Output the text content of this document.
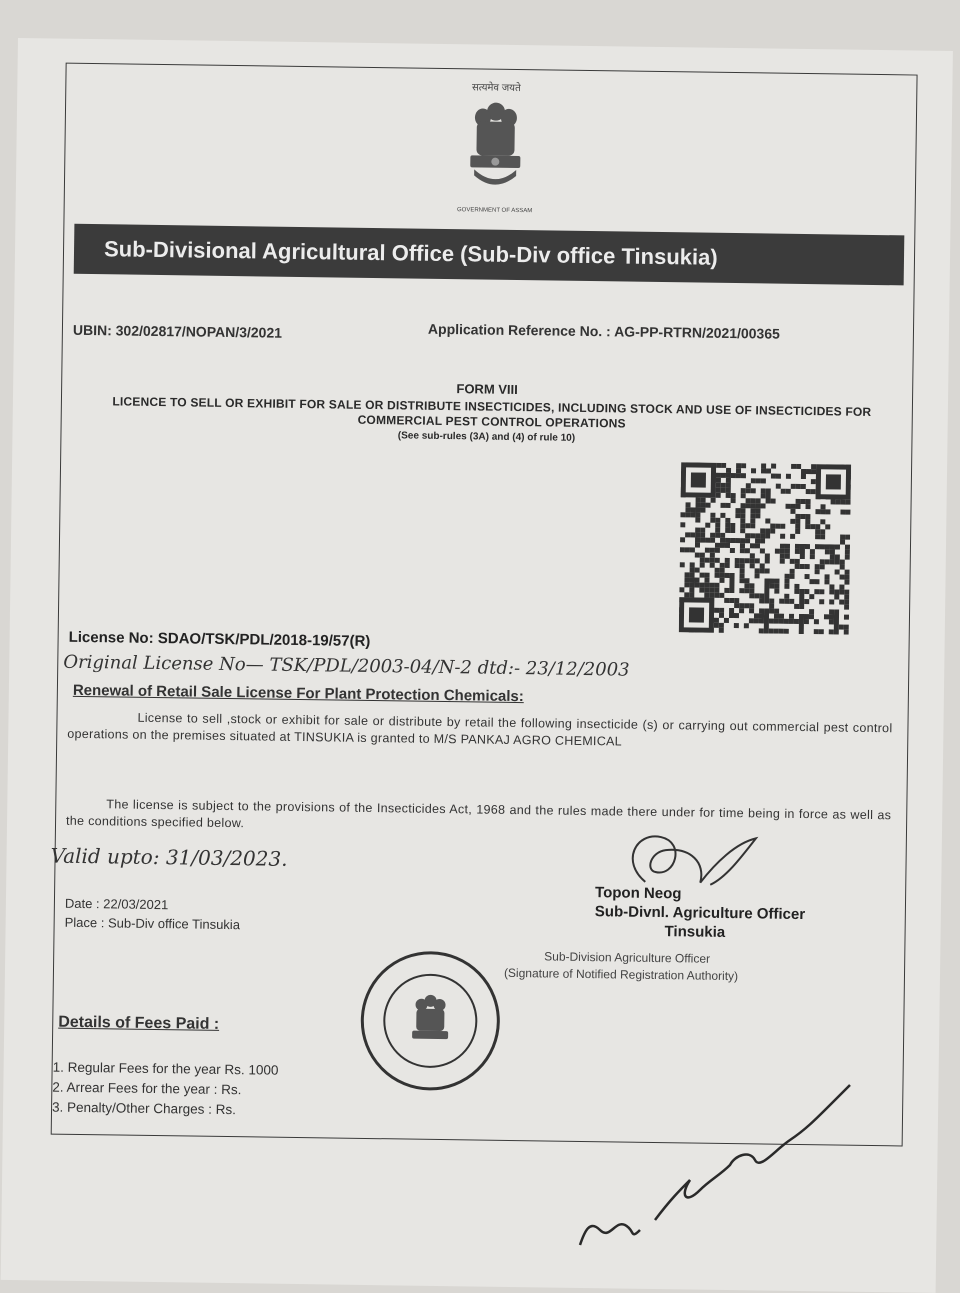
सत्यमेव जयते
GOVERNMENT OF ASSAM
Sub-Divisional Agricultural Office (Sub-Div office Tinsukia)
UBIN: 302/02817/NOPAN/3/2021	Application Reference No. : AG-PP-RTRN/2021/00365
FORM VIII
LICENCE TO SELL OR EXHIBIT FOR SALE OR DISTRIBUTE INSECTICIDES, INCLUDING STOCK AND USE OF INSECTICIDES FOR COMMERCIAL PEST CONTROL OPERATIONS
(See sub-rules (3A) and (4) of rule 10)
License No: SDAO/TSK/PDL/2018-19/57(R)
Original License No— TSK/PDL/2003-04/N-2 dtd:- 23/12/2003
Renewal of Retail Sale License For Plant Protection Chemicals:
License to sell ,stock or exhibit for sale or distribute by retail the following insecticide (s) or carrying out commercial pest control operations on the premises situated at TINSUKIA is granted to M/S PANKAJ AGRO CHEMICAL
The license is subject to the provisions of the Insecticides Act, 1968 and the rules made there under for time being in force as well as the conditions specified below.
Valid upto: 31/03/2023.
Date : 22/03/2021
Place : Sub-Div office Tinsukia
Topon Neog
Sub-Divnl. Agriculture Officer
Tinsukia
Sub-Division Agriculture Officer
(Signature of Notified Registration Authority)
Details of Fees Paid :
1. Regular Fees for the year Rs. 1000
2. Arrear Fees for the year : Rs.
3. Penalty/Other Charges : Rs.
